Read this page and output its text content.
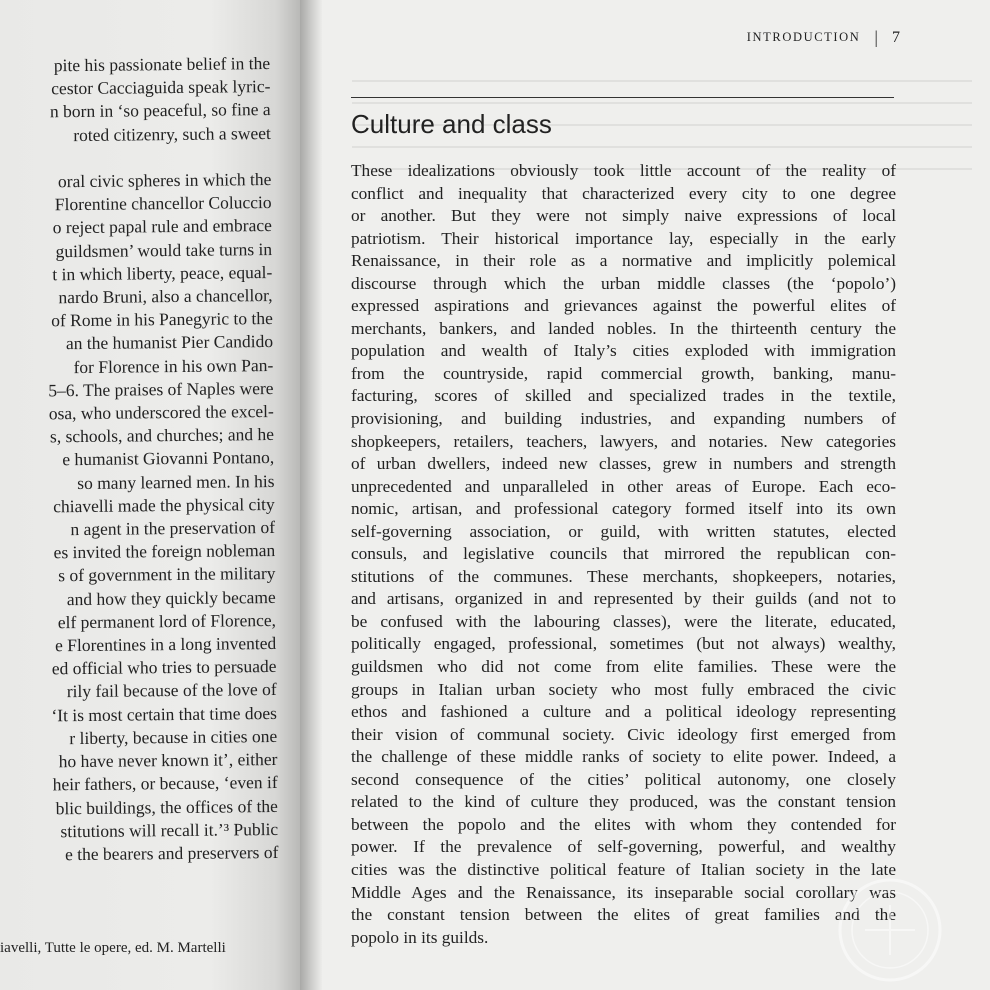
pite his passionate belief in the
cestor Cacciaguida speak lyric-
n born in ‘so peaceful, so fine a
roted citizenry, such a sweet

oral civic spheres in which the
Florentine chancellor Coluccio
o reject papal rule and embrace
guildsmen’ would take turns in
t in which liberty, peace, equal-
nardo Bruni, also a chancellor,
of Rome in his Panegyric to the
an the humanist Pier Candido
for Florence in his own Pan-
5–6. The praises of Naples were
osa, who underscored the excel-
s, schools, and churches; and he
e humanist Giovanni Pontano,
so many learned men. In his
chiavelli made the physical city
n agent in the preservation of
es invited the foreign nobleman
s of government in the military
and how they quickly became
elf permanent lord of Florence,
e Florentines in a long invented
ed official who tries to persuade
rily fail because of the love of
‘It is most certain that time does
r liberty, because in cities one
ho have never known it’, either
heir fathers, or because, ‘even if
blic buildings, the offices of the
stitutions will recall it.’³ Public
e the bearers and preservers of
iavelli, Tutte le opere, ed. M. Martelli
INTRODUCTION | 7
Culture and class
These idealizations obviously took little account of the reality of
conflict and inequality that characterized every city to one degree
or another. But they were not simply naive expressions of local
patriotism. Their historical importance lay, especially in the early
Renaissance, in their role as a normative and implicitly polemical
discourse through which the urban middle classes (the ‘popolo’)
expressed aspirations and grievances against the powerful elites of
merchants, bankers, and landed nobles. In the thirteenth century the
population and wealth of Italy’s cities exploded with immigration
from the countryside, rapid commercial growth, banking, manu-
facturing, scores of skilled and specialized trades in the textile,
provisioning, and building industries, and expanding numbers of
shopkeepers, retailers, teachers, lawyers, and notaries. New categories
of urban dwellers, indeed new classes, grew in numbers and strength
unprecedented and unparalleled in other areas of Europe. Each eco-
nomic, artisan, and professional category formed itself into its own
self-governing association, or guild, with written statutes, elected
consuls, and legislative councils that mirrored the republican con-
stitutions of the communes. These merchants, shopkeepers, notaries,
and artisans, organized in and represented by their guilds (and not to
be confused with the labouring classes), were the literate, educated,
politically engaged, professional, sometimes (but not always) wealthy,
guildsmen who did not come from elite families. These were the
groups in Italian urban society who most fully embraced the civic
ethos and fashioned a culture and a political ideology representing
their vision of communal society. Civic ideology first emerged from
the challenge of these middle ranks of society to elite power. Indeed, a
second consequence of the cities’ political autonomy, one closely
related to the kind of culture they produced, was the constant tension
between the popolo and the elites with whom they contended for
power. If the prevalence of self-governing, powerful, and wealthy
cities was the distinctive political feature of Italian society in the late
Middle Ages and the Renaissance, its inseparable social corollary was
the constant tension between the elites of great families and the
popolo in its guilds.
